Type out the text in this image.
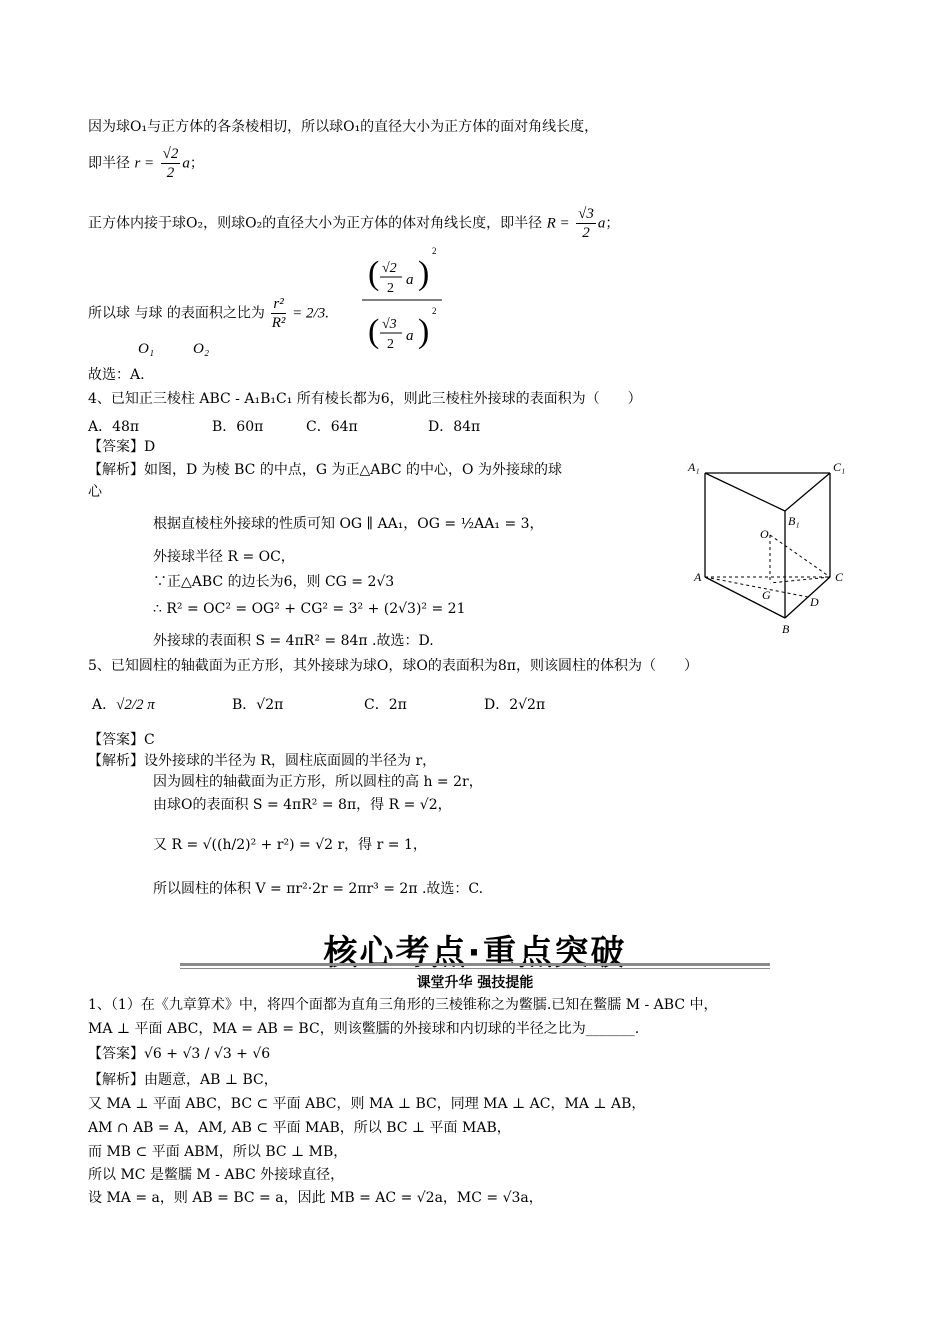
因为球O₁与正方体的各条棱相切，所以球O₁的直径大小为正方体的面对角线长度，
即半径 $r = \frac{√2}{2}$ a；
正方体内接于球O₂，则球O₂的直径大小为正方体的体对角线长度，即半径 $R = \frac{√3}{2}$ a；
所以球 与球 的表面积之比为 $\frac{\text{r²}}{\text{R²}} = 2/3$.
( √2
2
a )
2
( √3
2
a )
2
O₁	O₂
故选：A.
4、已知正三棱柱 ABC - A₁B₁C₁ 所有棱长都为6，则此三棱柱外接球的表面积为（　　）
A．48π	B．60π	C．64π	D．84π
【答案】D
【解析】如图，D 为棱 BC 的中点，G 为正△ABC 的中心，O 为外接球的球
心
根据直棱柱外接球的性质可知 OG ∥ AA₁，OG = ½AA₁ = 3，
外接球半径 R = OC，
∵正△ABC 的边长为6，则 CG = 2√3
∴ R² = OC² = OG² + CG² = 3² + (2√3)² = 21
外接球的表面积 S = 4πR² = 84π .故选：D.
A₁	C₁
B₁
O
A	C
G	D
B
5、已知圆柱的轴截面为正方形，其外接球为球O，球O的表面积为8π，则该圆柱的体积为（　　）
A．√2/2 π	B．√2π	C．2π	D．2√2π
【答案】C
【解析】设外接球的半径为 R，圆柱底面圆的半径为 r，
因为圆柱的轴截面为正方形，所以圆柱的高 h = 2r，
由球O的表面积 S = 4πR² = 8π，得 R = √2，
又 R = √((h/2)² + r²) = √2 r，得 r = 1，
所以圆柱的体积 V = πr²·2r = 2πr³ = 2π .故选：C.
核心考点·重点突破
课堂升华 强技提能
1、（1）在《九章算术》中，将四个面都为直角三角形的三棱锥称之为鳖臑.已知在鳖臑 M - ABC 中，
MA ⊥ 平面 ABC，MA = AB = BC，则该鳖臑的外接球和内切球的半径之比为_______.
【答案】√6 + √3 / √3 + √6
【解析】由题意，AB ⊥ BC，
又 MA ⊥ 平面 ABC，BC ⊂ 平面 ABC，则 MA ⊥ BC，同理 MA ⊥ AC，MA ⊥ AB，
AM ∩ AB = A，AM, AB ⊂ 平面 MAB，所以 BC ⊥ 平面 MAB，
而 MB ⊂ 平面 ABM，所以 BC ⊥ MB，
所以 MC 是鳖臑 M - ABC 外接球直径，
设 MA = a，则 AB = BC = a，因此 MB = AC = √2a，MC = √3a，
